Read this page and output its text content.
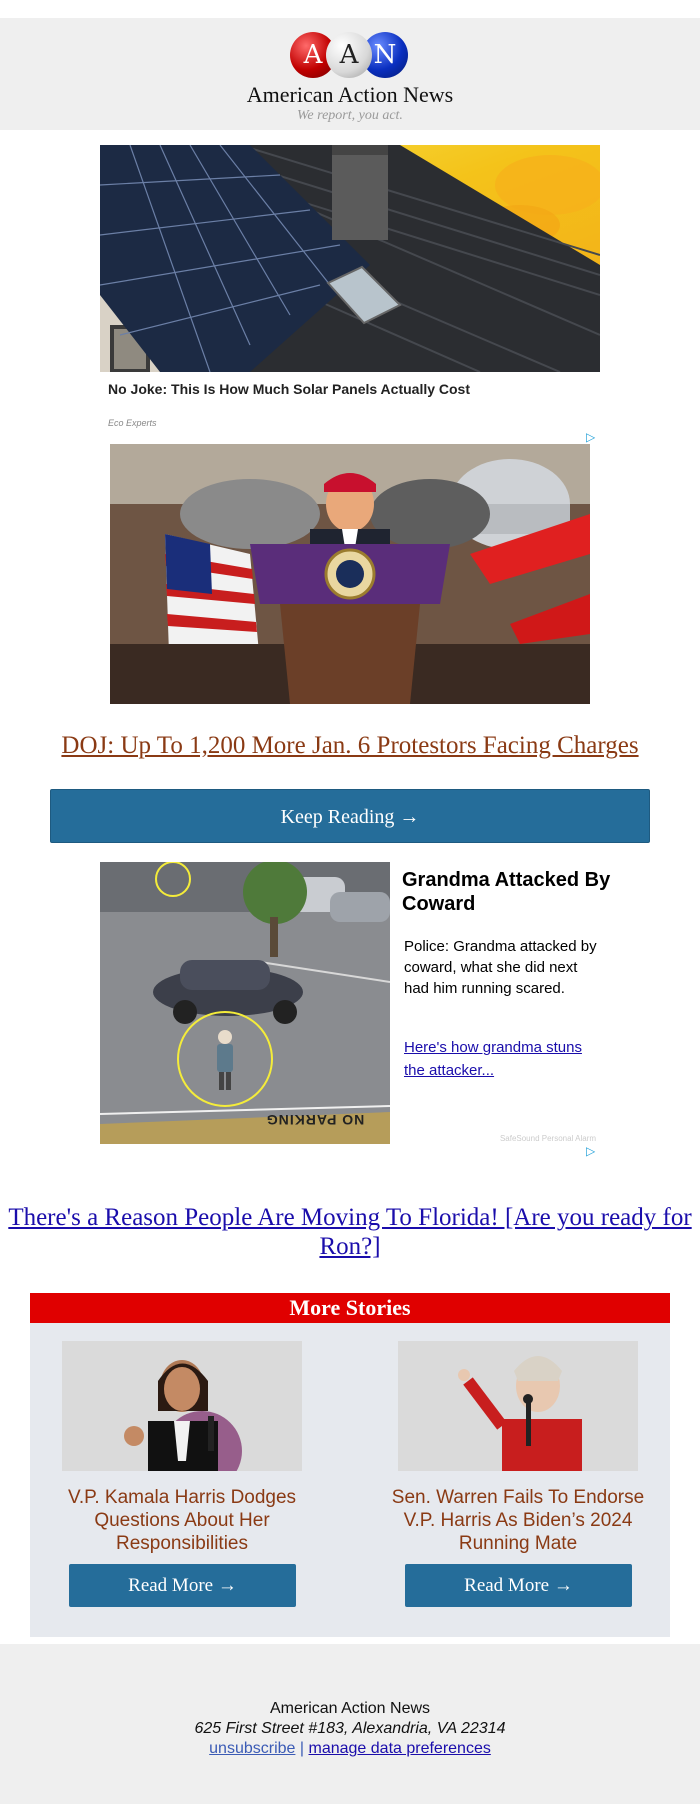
A A N
American Action News
We report, you act.
No Joke: This Is How Much Solar Panels Actually Cost
Eco Experts
▷
DOJ: Up To 1,200 More Jan. 6 Protestors Facing Charges
Keep Reading →
NO PARKING
Grandma Attacked By Coward
Police: Grandma attacked by coward, what she did next had him running scared.
Here's how grandma stuns the attacker...
SafeSound Personal Alarm
▷
There's a Reason People Are Moving To Florida! [Are you ready for Ron?]
More Stories
V.P. Kamala Harris Dodges Questions About Her Responsibilities
Read More →
Sen. Warren Fails To Endorse V.P. Harris As Biden’s 2024 Running Mate
Read More →
American Action News
625 First Street #183, Alexandria, VA 22314
unsubscribe | manage data preferences
